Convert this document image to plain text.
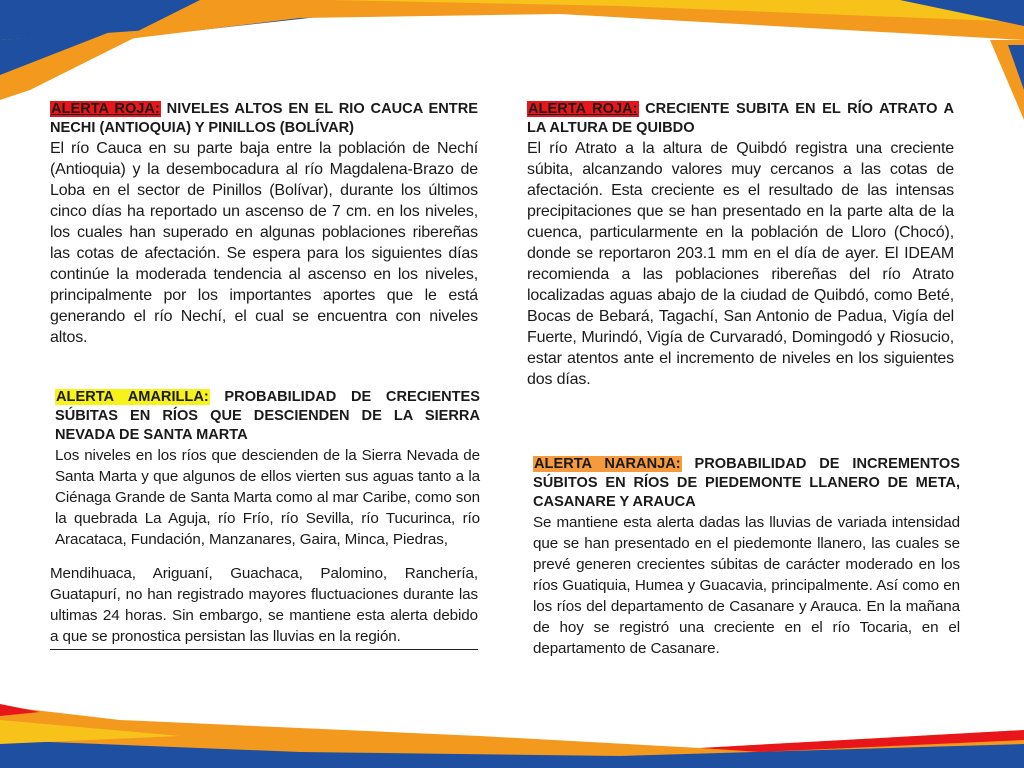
ALERTA ROJA: NIVELES ALTOS EN EL RIO CAUCA ENTRE NECHI (ANTIOQUIA) Y PINILLOS (BOLÍVAR)
El río Cauca en su parte baja entre la población de Nechí (Antioquia) y la desembocadura al río Magdalena-Brazo de Loba en el sector de Pinillos (Bolívar), durante los últimos cinco días ha reportado un ascenso de 7 cm. en los niveles, los cuales han superado en algunas poblaciones ribereñas las cotas de afectación. Se espera para los siguientes días continúe la moderada tendencia al ascenso en los niveles, principalmente por los importantes aportes que le está generando el río Nechí, el cual se encuentra con niveles altos.
ALERTA ROJA: CRECIENTE SUBITA EN EL RÍO ATRATO A LA ALTURA DE QUIBDO
El río Atrato a la altura de Quibdó registra una creciente súbita, alcanzando valores muy cercanos a las cotas de afectación. Esta creciente es el resultado de las intensas precipitaciones que se han presentado en la parte alta de la cuenca, particularmente en la población de Lloro (Chocó), donde se reportaron 203.1 mm en el día de ayer. El IDEAM recomienda a las poblaciones ribereñas del río Atrato localizadas aguas abajo de la ciudad de Quibdó, como Beté, Bocas de Bebará, Tagachí, San Antonio de Padua, Vigía del Fuerte, Murindó, Vigía de Curvaradó, Domingodó y Riosucio, estar atentos ante el incremento de niveles en los siguientes dos días.
ALERTA AMARILLA: PROBABILIDAD DE CRECIENTES SÚBITAS EN RÍOS QUE DESCIENDEN DE LA SIERRA NEVADA DE SANTA MARTA
Los niveles en los ríos que descienden de la Sierra Nevada de Santa Marta y que algunos de ellos vierten sus aguas tanto a la Ciénaga Grande de Santa Marta como al mar Caribe, como son la quebrada La Aguja, río Frío, río Sevilla, río Tucurinca, río Aracataca, Fundación, Manzanares, Gaira, Minca, Piedras,
Mendihuaca, Ariguaní, Guachaca, Palomino, Ranchería, Guatapurí, no han registrado mayores fluctuaciones durante las ultimas 24 horas. Sin embargo, se mantiene esta alerta debido a que se pronostica persistan las lluvias en la región.
ALERTA NARANJA: PROBABILIDAD DE INCREMENTOS SÚBITOS EN RÍOS DE PIEDEMONTE LLANERO DE META, CASANARE Y ARAUCA
Se mantiene esta alerta dadas las lluvias de variada intensidad que se han presentado en el piedemonte llanero, las cuales se prevé generen crecientes súbitas de carácter moderado en los ríos Guatiquia, Humea y Guacavia, principalmente. Así como en los ríos del departamento de Casanare y Arauca. En la mañana de hoy se registró una creciente en el río Tocaria, en el departamento de Casanare.
